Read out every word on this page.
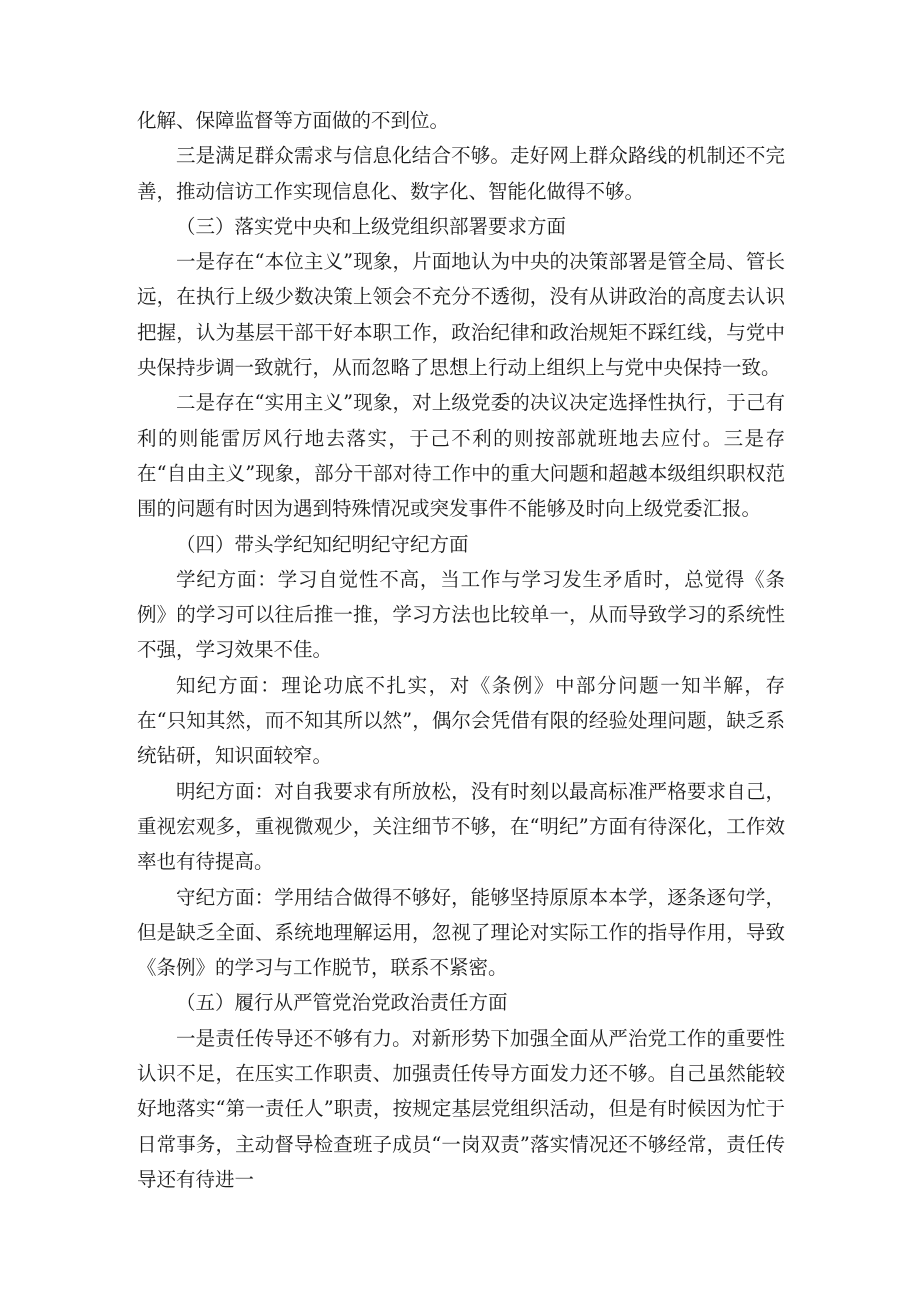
化解、保障监督等方面做的不到位。

三是满足群众需求与信息化结合不够。走好网上群众路线的机制还不完善，推动信访工作实现信息化、数字化、智能化做得不够。

（三）落实党中央和上级党组织部署要求方面

一是存在“本位主义”现象，片面地认为中央的决策部署是管全局、管长远，在执行上级少数决策上领会不充分不透彻，没有从讲政治的高度去认识把握，认为基层干部干好本职工作，政治纪律和政治规矩不踩红线，与党中央保持步调一致就行，从而忽略了思想上行动上组织上与党中央保持一致。

二是存在“实用主义”现象，对上级党委的决议决定选择性执行，于己有利的则能雷厉风行地去落实，于己不利的则按部就班地去应付。三是存在“自由主义”现象，部分干部对待工作中的重大问题和超越本级组织职权范围的问题有时因为遇到特殊情况或突发事件不能够及时向上级党委汇报。

（四）带头学纪知纪明纪守纪方面

学纪方面：学习自觉性不高，当工作与学习发生矛盾时，总觉得《条例》的学习可以往后推一推，学习方法也比较单一，从而导致学习的系统性不强，学习效果不佳。

知纪方面：理论功底不扎实，对《条例》中部分问题一知半解，存在“只知其然，而不知其所以然”，偶尔会凭借有限的经验处理问题，缺乏系统钻研，知识面较窄。

明纪方面：对自我要求有所放松，没有时刻以最高标准严格要求自己，重视宏观多，重视微观少，关注细节不够，在“明纪”方面有待深化，工作效率也有待提高。

守纪方面：学用结合做得不够好，能够坚持原原本本学，逐条逐句学，但是缺乏全面、系统地理解运用，忽视了理论对实际工作的指导作用，导致《条例》的学习与工作脱节，联系不紧密。

（五）履行从严管党治党政治责任方面

一是责任传导还不够有力。对新形势下加强全面从严治党工作的重要性认识不足，在压实工作职责、加强责任传导方面发力还不够。自己虽然能较好地落实“第一责任人”职责，按规定基层党组织活动，但是有时候因为忙于日常事务，主动督导检查班子成员“一岗双责”落实情况还不够经常，责任传导还有待进一
